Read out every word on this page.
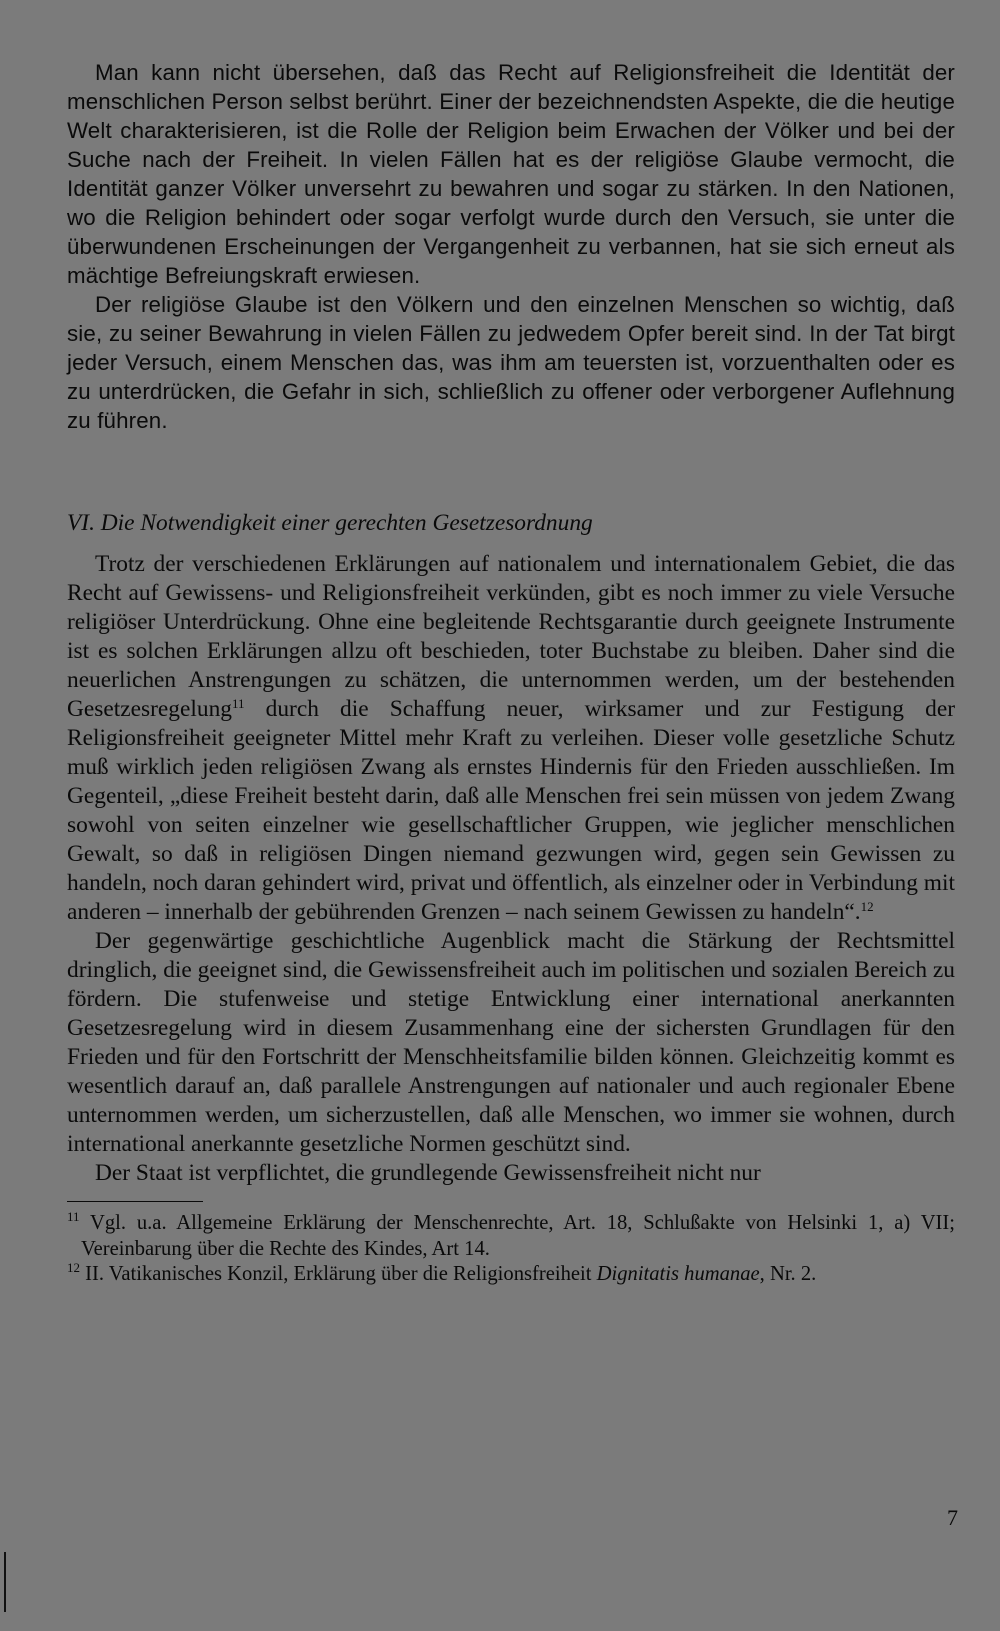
Man kann nicht übersehen, daß das Recht auf Religionsfreiheit die Identität der menschlichen Person selbst berührt. Einer der bezeichnendsten Aspekte, die die heutige Welt charakterisieren, ist die Rolle der Religion beim Erwachen der Völker und bei der Suche nach der Freiheit. In vielen Fällen hat es der religiöse Glaube vermocht, die Identität ganzer Völker unversehrt zu bewahren und sogar zu stärken. In den Nationen, wo die Religion behindert oder sogar verfolgt wurde durch den Versuch, sie unter die überwundenen Erscheinungen der Vergangenheit zu verbannen, hat sie sich erneut als mächtige Befreiungskraft erwiesen.

Der religiöse Glaube ist den Völkern und den einzelnen Menschen so wichtig, daß sie, zu seiner Bewahrung in vielen Fällen zu jedwedem Opfer bereit sind. In der Tat birgt jeder Versuch, einem Menschen das, was ihm am teuersten ist, vorzuenthalten oder es zu unterdrücken, die Gefahr in sich, schließlich zu offener oder verborgener Auflehnung zu führen.

VI. Die Notwendigkeit einer gerechten Gesetzesordnung

Trotz der verschiedenen Erklärungen auf nationalem und internationalem Gebiet, die das Recht auf Gewissens- und Religionsfreiheit verkünden, gibt es noch immer zu viele Versuche religiöser Unterdrückung. Ohne eine begleitende Rechtsgarantie durch geeignete Instrumente ist es solchen Erklärungen allzu oft beschieden, toter Buchstabe zu bleiben. Daher sind die neuerlichen Anstrengungen zu schätzen, die unternommen werden, um der bestehenden Gesetzesregelung$^{11}$ durch die Schaffung neuer, wirksamer und zur Festigung der Religionsfreiheit geeigneter Mittel mehr Kraft zu verleihen. Dieser volle gesetzliche Schutz muß wirklich jeden religiösen Zwang als ernstes Hindernis für den Frieden ausschließen. Im Gegenteil, „diese Freiheit besteht darin, daß alle Menschen frei sein müssen von jedem Zwang sowohl von seiten einzelner wie gesellschaftlicher Gruppen, wie jeglicher menschlichen Gewalt, so daß in religiösen Dingen niemand gezwungen wird, gegen sein Gewissen zu handeln, noch daran gehindert wird, privat und öffentlich, als einzelner oder in Verbindung mit anderen – innerhalb der gebührenden Grenzen – nach seinem Gewissen zu handeln“.$^{12}$

Der gegenwärtige geschichtliche Augenblick macht die Stärkung der Rechtsmittel dringlich, die geeignet sind, die Gewissensfreiheit auch im politischen und sozialen Bereich zu fördern. Die stufenweise und stetige Entwicklung einer international anerkannten Gesetzesregelung wird in diesem Zusammenhang eine der sichersten Grundlagen für den Frieden und für den Fortschritt der Menschheitsfamilie bilden können. Gleichzeitig kommt es wesentlich darauf an, daß parallele Anstrengungen auf nationaler und auch regionaler Ebene unternommen werden, um sicherzustellen, daß alle Menschen, wo immer sie wohnen, durch international anerkannte gesetzliche Normen geschützt sind.

Der Staat ist verpflichtet, die grundlegende Gewissensfreiheit nicht nur

$^{11}$ Vgl. u.a. Allgemeine Erklärung der Menschenrechte, Art. 18, Schlußakte von Helsinki 1, a) VII; Vereinbarung über die Rechte des Kindes, Art 14.

$^{12}$ II. Vatikanisches Konzil, Erklärung über die Religionsfreiheit Dignitatis humanae, Nr. 2.

7
